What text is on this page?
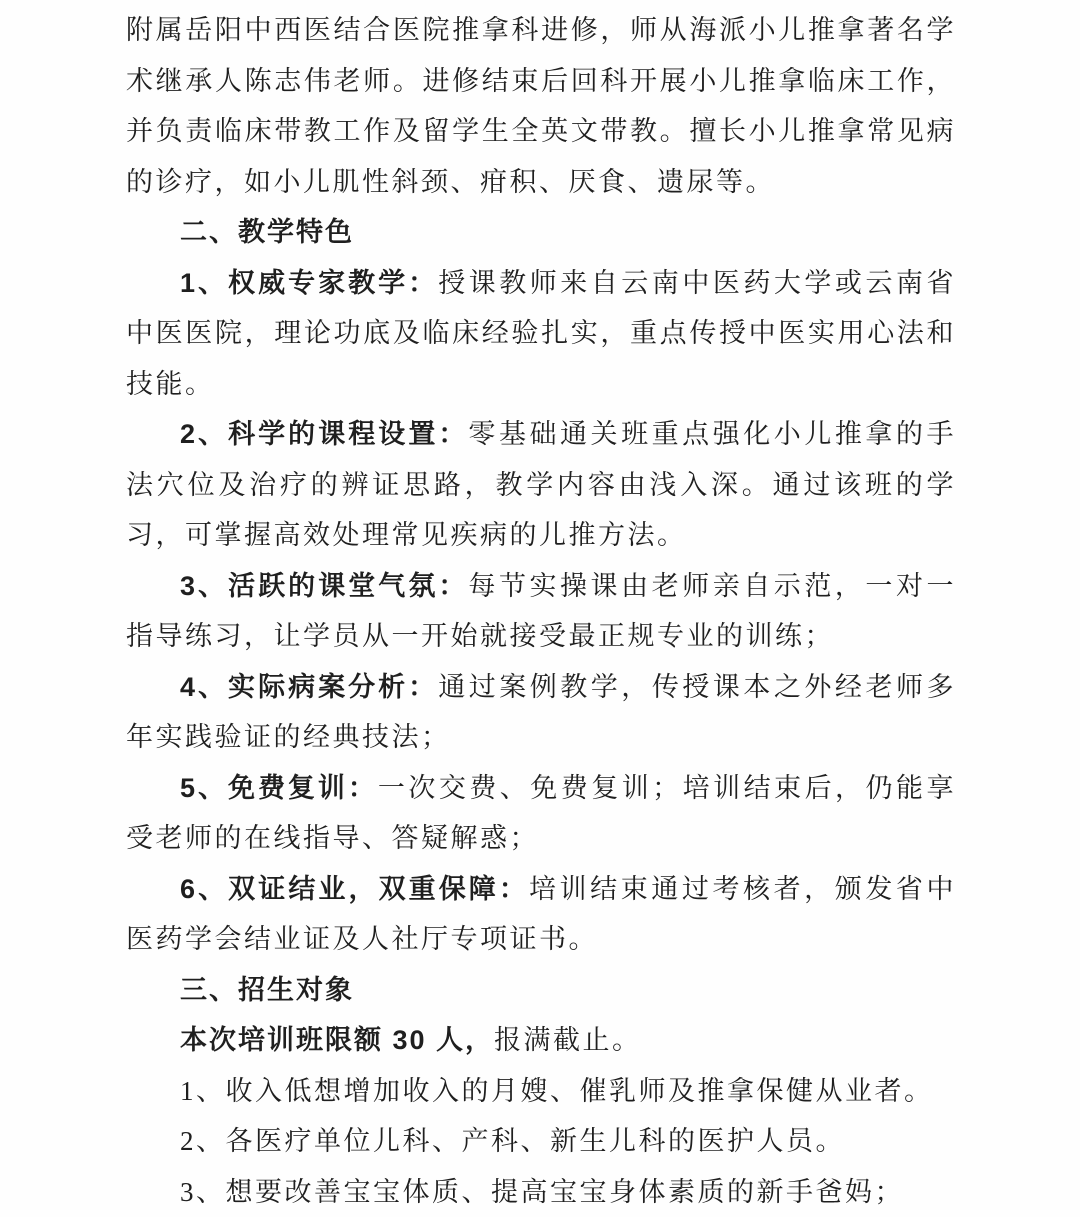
附属岳阳中西医结合医院推拿科进修，师从海派小儿推拿著名学术继承人陈志伟老师。进修结束后回科开展小儿推拿临床工作，并负责临床带教工作及留学生全英文带教。擅长小儿推拿常见病的诊疗，如小儿肌性斜颈、疳积、厌食、遗尿等。

二、教学特色

1、权威专家教学：授课教师来自云南中医药大学或云南省中医医院，理论功底及临床经验扎实，重点传授中医实用心法和技能。

2、科学的课程设置：零基础通关班重点强化小儿推拿的手法穴位及治疗的辨证思路，教学内容由浅入深。通过该班的学习，可掌握高效处理常见疾病的儿推方法。

3、活跃的课堂气氛：每节实操课由老师亲自示范，一对一指导练习，让学员从一开始就接受最正规专业的训练；

4、实际病案分析：通过案例教学，传授课本之外经老师多年实践验证的经典技法；

5、免费复训：一次交费、免费复训；培训结束后，仍能享受老师的在线指导、答疑解惑；

6、双证结业，双重保障：培训结束通过考核者，颁发省中医药学会结业证及人社厅专项证书。

三、招生对象

本次培训班限额 30 人，报满截止。

1、收入低想增加收入的月嫂、催乳师及推拿保健从业者。

2、各医疗单位儿科、产科、新生儿科的医护人员。

3、想要改善宝宝体质、提高宝宝身体素质的新手爸妈；
